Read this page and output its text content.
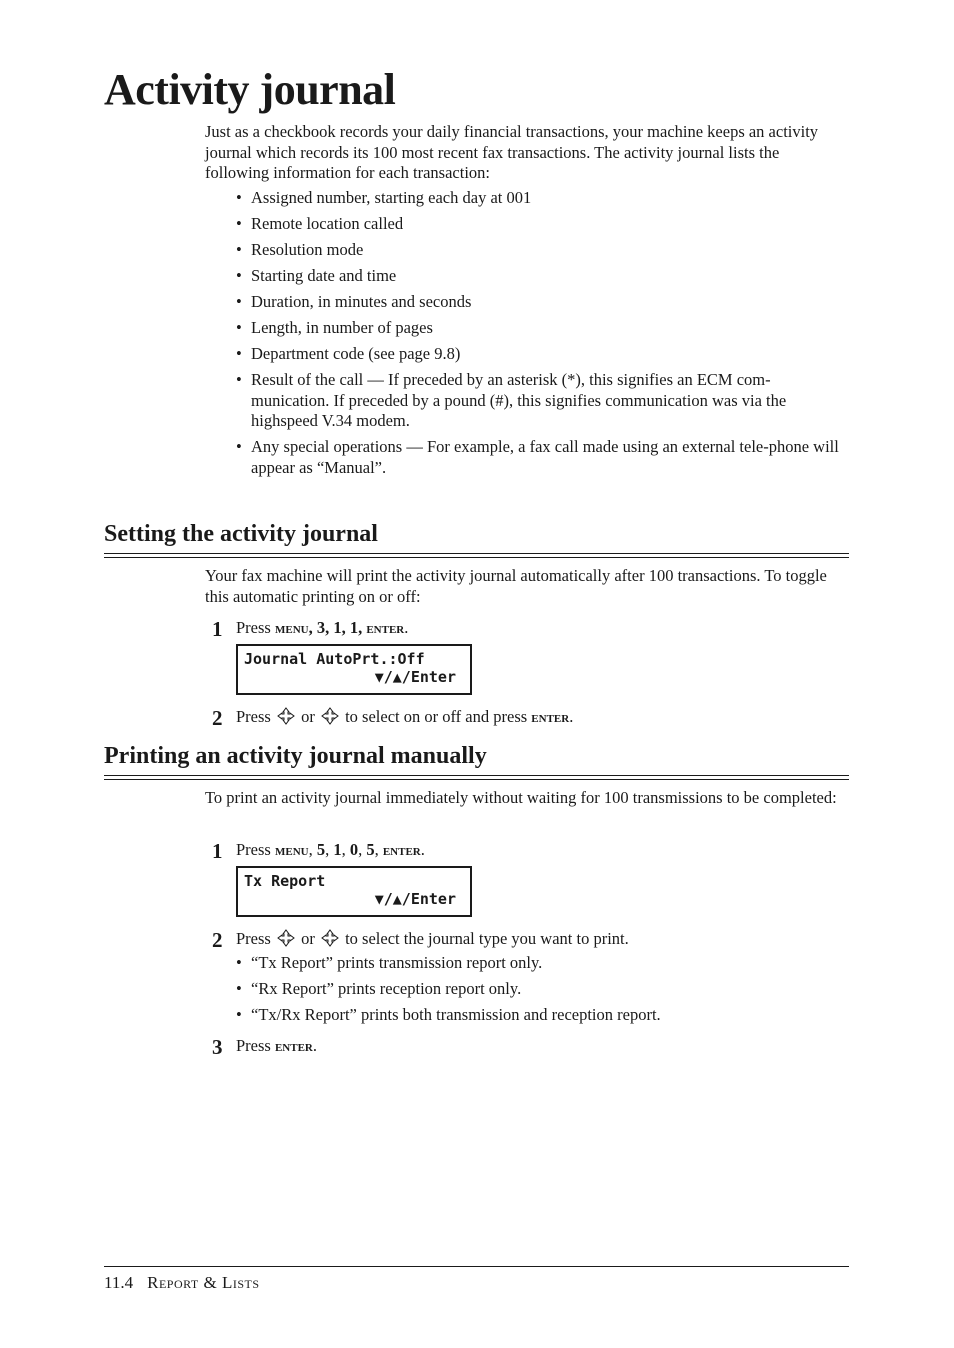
Activity journal

Just as a checkbook records your daily financial transactions, your machine keeps an activity journal which records its 100 most recent fax transactions. The activity journal lists the following information for each transaction:

• Assigned number, starting each day at 001
• Remote location called
• Resolution mode
• Starting date and time
• Duration, in minutes and seconds
• Length, in number of pages
• Department code (see page 9.8)
• Result of the call — If preceded by an asterisk (*), this signifies an ECM com-munication. If preceded by a pound (#), this signifies communication was via the highspeed V.34 modem.
• Any special operations — For example, a fax call made using an external tele-phone will appear as “Manual”.
Setting the activity journal

Your fax machine will print the activity journal automatically after 100 transactions. To toggle this automatic printing on or off:

1 Press menu, 3, 1, 1, enter.
Journal AutoPrt.:Off
▼/▲/Enter
2 Press or to select on or off and press enter.
Printing an activity journal manually

To print an activity journal immediately without waiting for 100 transmissions to be completed:

1 Press menu, 5, 1, 0, 5, enter.
Tx Report
▼/▲/Enter
2 Press or to select the journal type you want to print.
• “Tx Report” prints transmission report only.
• “Rx Report” prints reception report only.
• “Tx/Rx Report” prints both transmission and reception report.
3 Press enter.
11.4 Report & Lists
